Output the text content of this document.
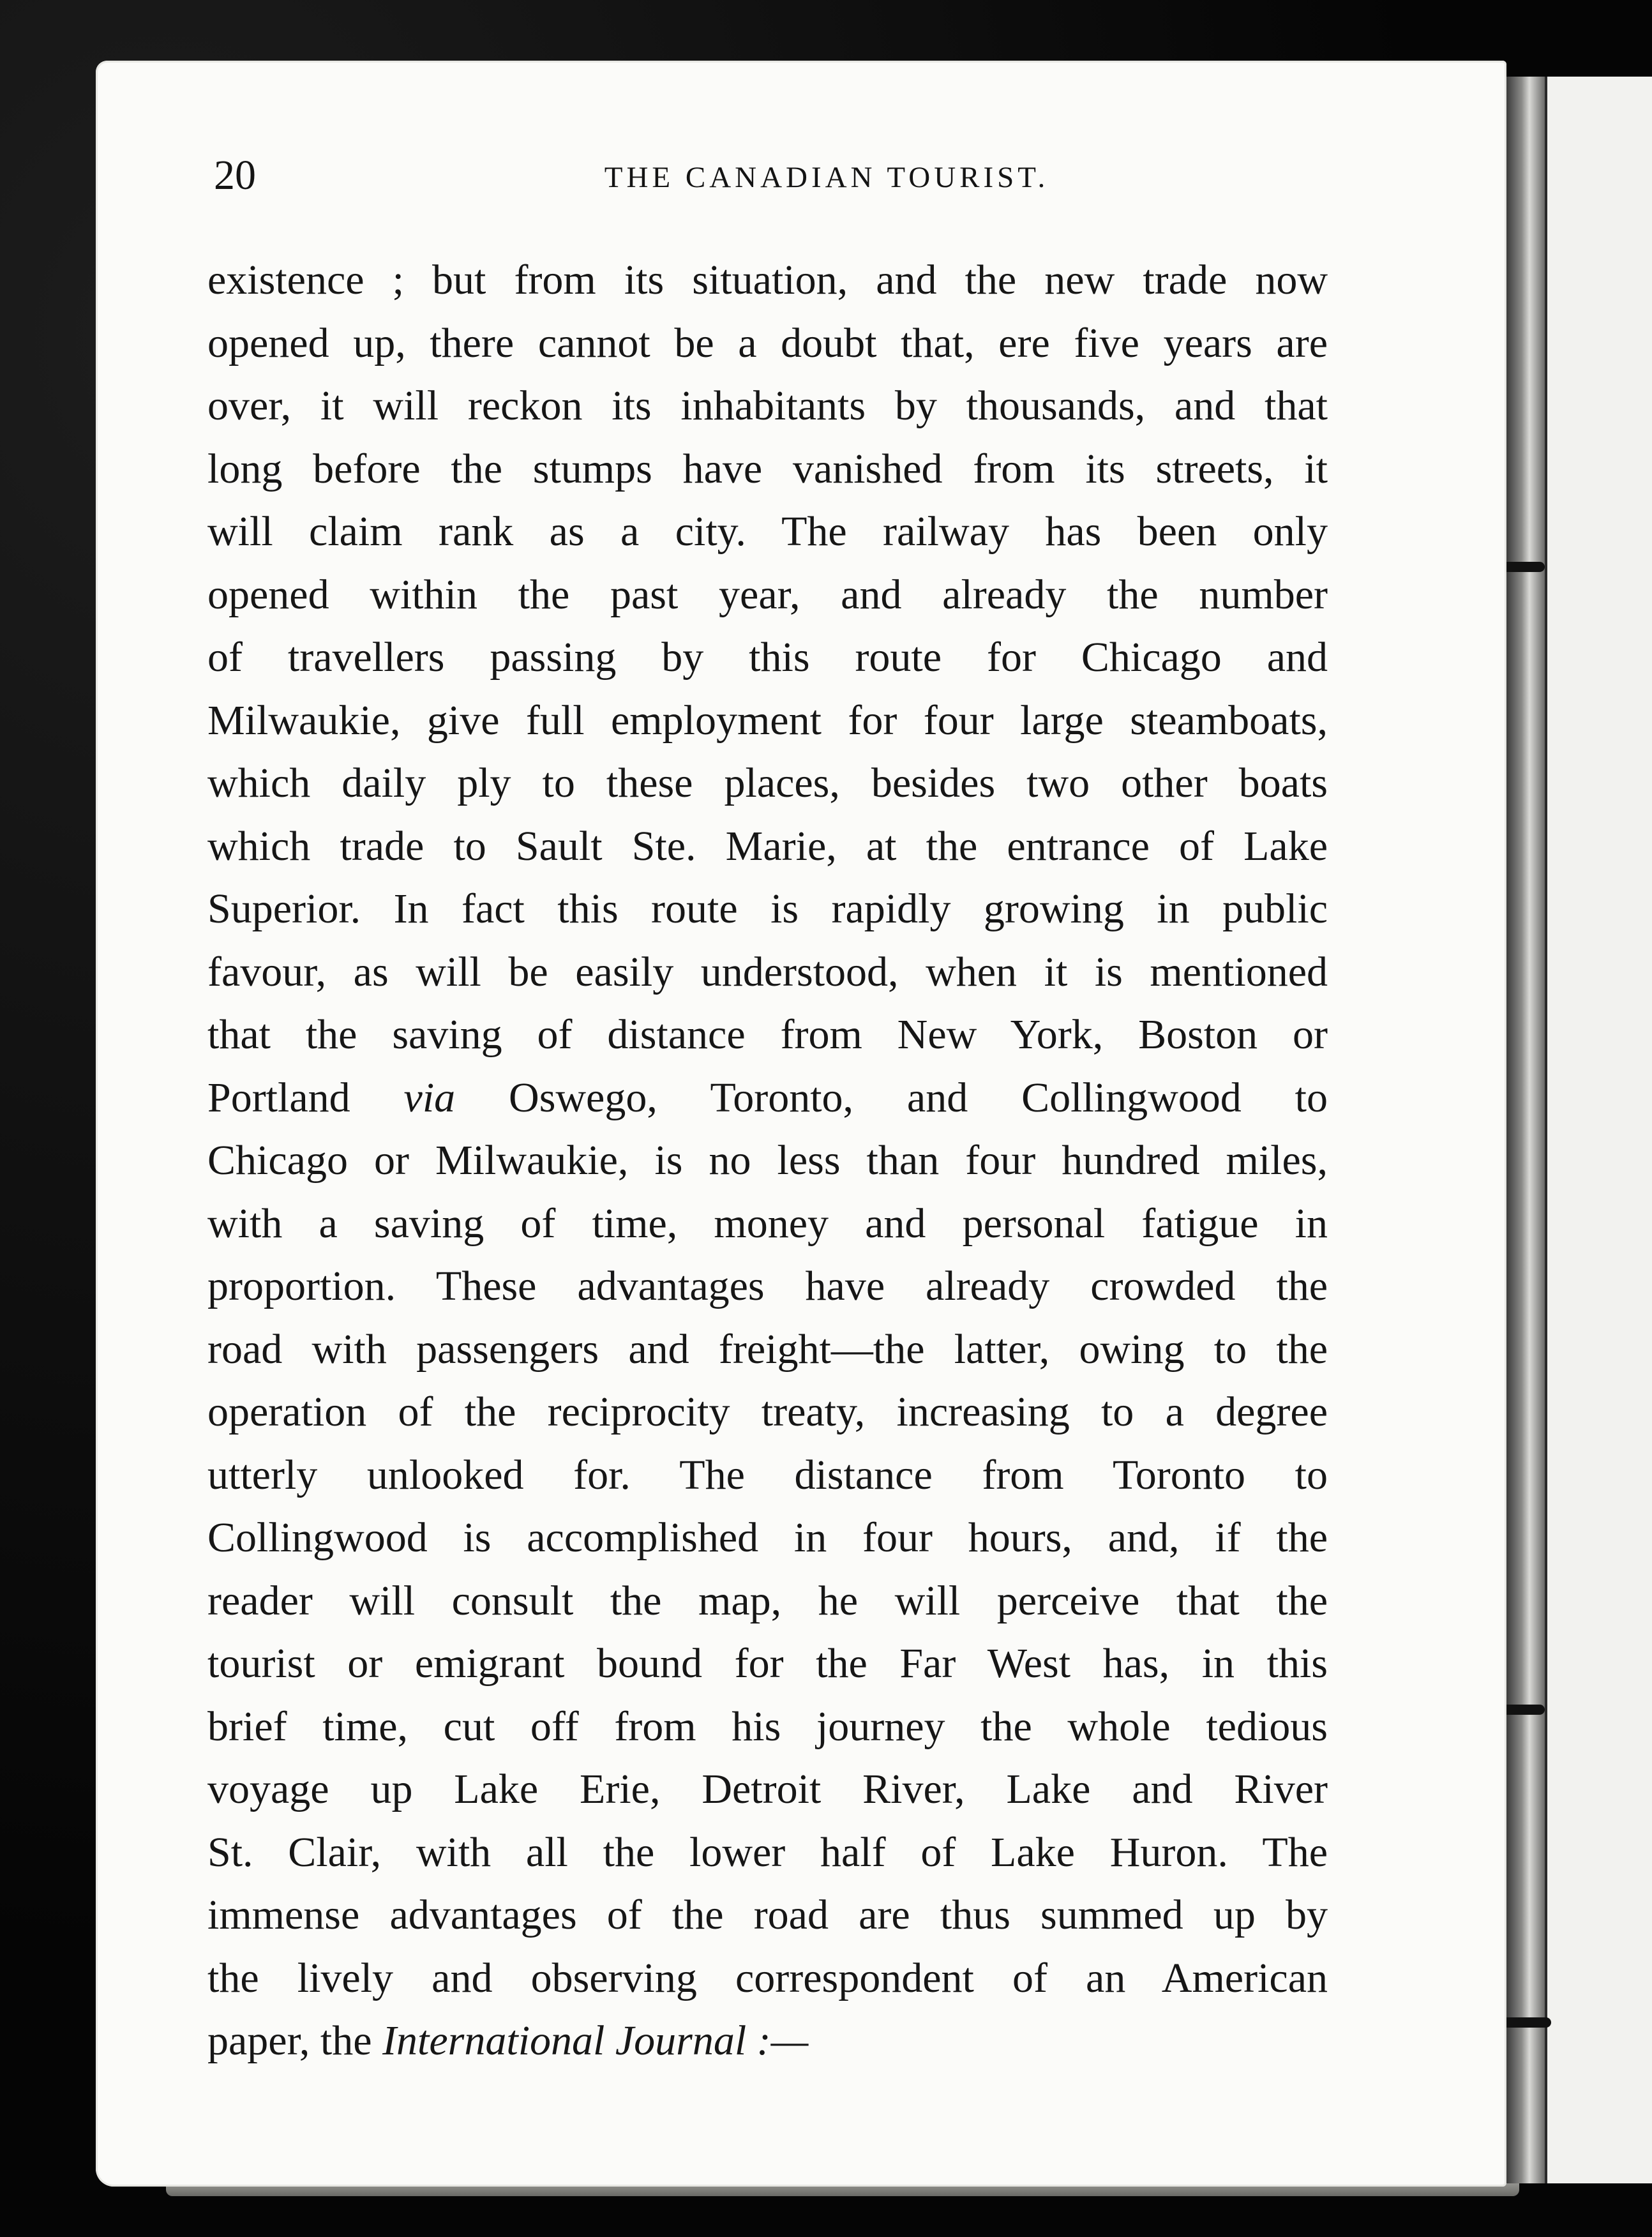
20	THE CANADIAN TOURIST.

existence ; but from its situation, and the new trade now
opened up, there cannot be a doubt that, ere five years are
over, it will reckon its inhabitants by thousands, and that
long before the stumps have vanished from its streets, it
will claim rank as a city. The railway has been only
opened within the past year, and already the number
of travellers passing by this route for Chicago and
Milwaukie, give full employment for four large steamboats,
which daily ply to these places, besides two other boats
which trade to Sault Ste. Marie, at the entrance of Lake
Superior. In fact this route is rapidly growing in public
favour, as will be easily understood, when it is mentioned
that the saving of distance from New York, Boston or
Portland via Oswego, Toronto, and Collingwood to
Chicago or Milwaukie, is no less than four hundred miles,
with a saving of time, money and personal fatigue in
proportion. These advantages have already crowded the
road with passengers and freight—the latter, owing to the
operation of the reciprocity treaty, increasing to a degree
utterly unlooked for. The distance from Toronto to
Collingwood is accomplished in four hours, and, if the
reader will consult the map, he will perceive that the
tourist or emigrant bound for the Far West has, in this
brief time, cut off from his journey the whole tedious
voyage up Lake Erie, Detroit River, Lake and River
St. Clair, with all the lower half of Lake Huron. The
immense advantages of the road are thus summed up by
the lively and observing correspondent of an American
paper, the International Journal :—
